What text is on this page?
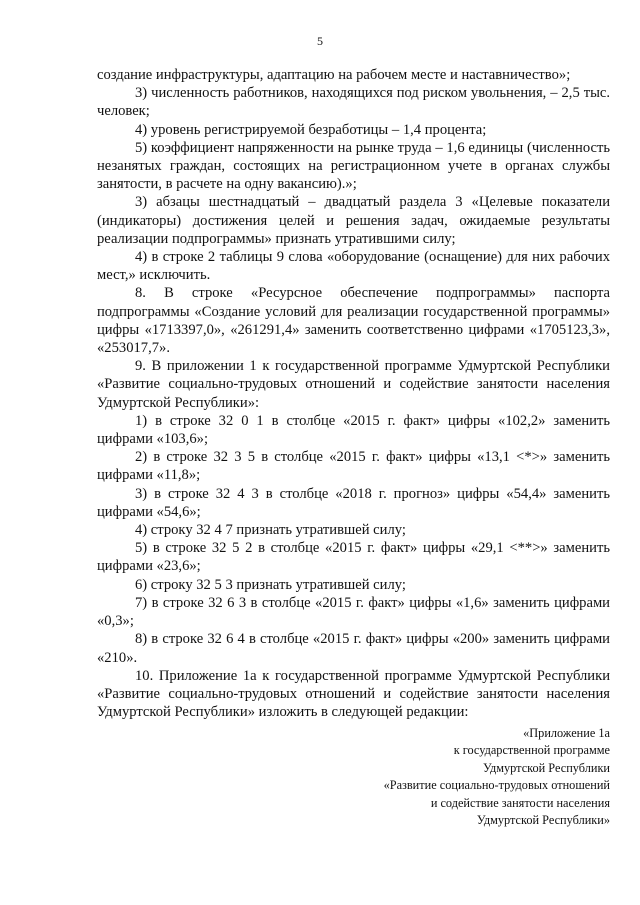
5

создание инфраструктуры, адаптацию на рабочем месте и наставничество»;

3) численность работников, находящихся под риском увольнения, – 2,5 тыс. человек;

4) уровень регистрируемой безработицы – 1,4 процента;

5) коэффициент напряженности на рынке труда – 1,6 единицы (численность незанятых граждан, состоящих на регистрационном учете в органах службы занятости, в расчете на одну вакансию).»;

3) абзацы шестнадцатый – двадцатый раздела 3 «Целевые показатели (индикаторы) достижения целей и решения задач, ожидаемые результаты реализации подпрограммы» признать утратившими силу;

4) в строке 2 таблицы 9 слова «оборудование (оснащение) для них рабочих мест,» исключить.

8. В строке «Ресурсное обеспечение подпрограммы» паспорта подпрограммы «Создание условий для реализации государственной программы» цифры «1713397,0», «261291,4» заменить соответственно цифрами «1705123,3», «253017,7».

9. В приложении 1 к государственной программе Удмуртской Республики «Развитие социально-трудовых отношений и содействие занятости населения Удмуртской Республики»:

1) в строке 32 0 1 в столбце «2015 г. факт» цифры «102,2» заменить цифрами «103,6»;

2) в строке 32 3 5 в столбце «2015 г. факт» цифры «13,1 <*>» заменить цифрами «11,8»;

3) в строке 32 4 3 в столбце «2018 г. прогноз» цифры «54,4» заменить цифрами «54,6»;

4) строку 32 4 7 признать утратившей силу;

5) в строке 32 5 2 в столбце «2015 г. факт» цифры «29,1 <**>» заменить цифрами «23,6»;

6) строку 32 5 3 признать утратившей силу;

7) в строке 32 6 3 в столбце «2015 г. факт» цифры «1,6» заменить цифрами «0,3»;

8) в строке 32 6 4 в столбце «2015 г. факт» цифры «200» заменить цифрами «210».

10. Приложение 1а к государственной программе Удмуртской Республики «Развитие социально-трудовых отношений и содействие занятости населения Удмуртской Республики» изложить в следующей редакции:

«Приложение 1а
к государственной программе
Удмуртской Республики
«Развитие социально-трудовых отношений
и содействие занятости населения
Удмуртской Республики»
